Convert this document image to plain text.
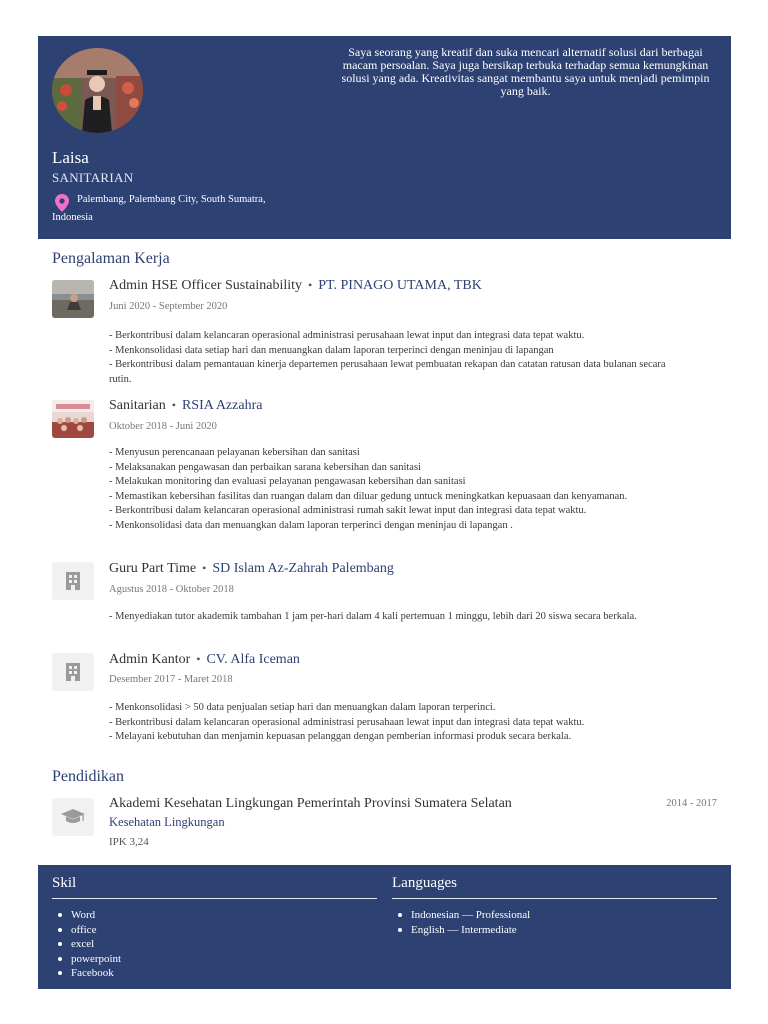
Laisa
SANITARIAN
Palembang, Palembang City, South Sumatra,
Indonesia
Saya seorang yang kreatif dan suka mencari alternatif solusi dari berbagai macam persoalan. Saya juga bersikap terbuka terhadap semua kemungkinan solusi yang ada. Kreativitas sangat membantu saya untuk menjadi pemimpin yang baik.
Pengalaman Kerja
Admin HSE Officer Sustainability • PT. PINAGO UTAMA, TBK
Juni 2020 - September 2020
- Berkontribusi dalam kelancaran operasional administrasi perusahaan lewat input dan integrasi data tepat waktu.
- Menkonsolidasi data setiap hari dan menuangkan dalam laporan terperinci dengan meninjau di lapangan
- Berkontribusi dalam pemantauan kinerja departemen perusahaan lewat pembuatan rekapan dan catatan ratusan data bulanan secara rutin.
Sanitarian • RSIA Azzahra
Oktober 2018 - Juni 2020
- Menyusun perencanaan pelayanan kebersihan dan sanitasi
- Melaksanakan pengawasan dan perbaikan sarana kebersihan dan sanitasi
- Melakukan monitoring dan evaluasi pelayanan pengawasan kebersihan dan sanitasi
- Memastikan kebersihan fasilitas dan ruangan dalam dan diluar gedung untuck meningkatkan kepuasaan dan kenyamanan.
- Berkontribusi dalam kelancaran operasional administrasi rumah sakit lewat input dan integrasi data tepat waktu.
- Menkonsolidasi data dan menuangkan dalam laporan terperinci dengan meninjau di lapangan .
Guru Part Time • SD Islam Az-Zahrah Palembang
Agustus 2018 - Oktober 2018
- Menyediakan tutor akademik tambahan 1 jam per-hari dalam 4 kali pertemuan 1 minggu, lebih dari 20 siswa secara berkala.
Admin Kantor • CV. Alfa Iceman
Desember 2017 - Maret 2018
- Menkonsolidasi > 50 data penjualan setiap hari dan menuangkan dalam laporan terperinci.
- Berkontribusi dalam kelancaran operasional administrasi perusahaan lewat input dan integrasi data tepat waktu.
- Melayani kebutuhan dan menjamin kepuasan pelanggan dengan pemberian informasi produk secara berkala.
Pendidikan
Akademi Kesehatan Lingkungan Pemerintah Provinsi Sumatera Selatan
Kesehatan Lingkungan
IPK 3,24
2014 - 2017
Skil
Word
office
excel
powerpoint
Facebook
Languages
Indonesian — Professional
English — Intermediate
